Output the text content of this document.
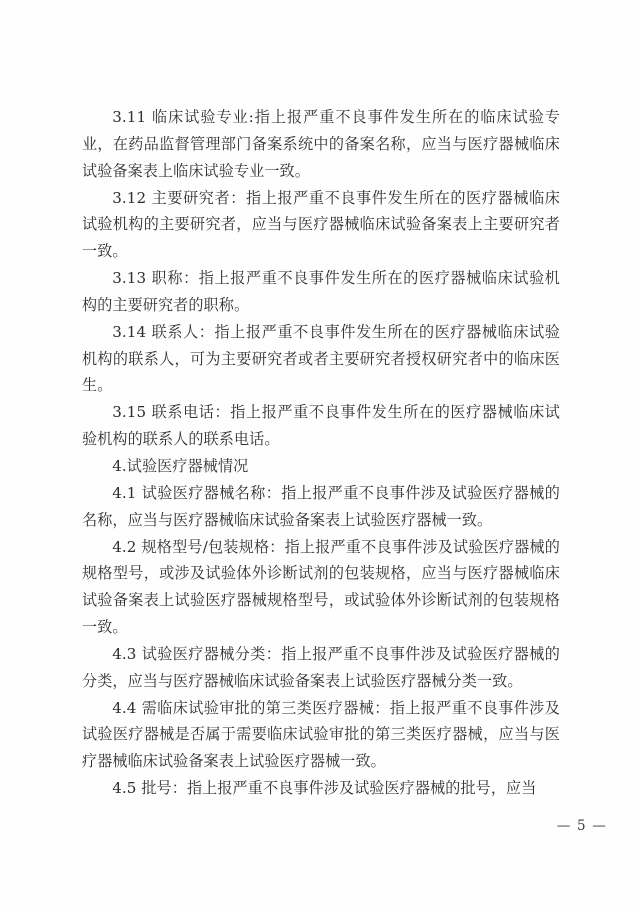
3.11 临床试验专业:指上报严重不良事件发生所在的临床试验专业，在药品监督管理部门备案系统中的备案名称，应当与医疗器械临床试验备案表上临床试验专业一致。

3.12 主要研究者：指上报严重不良事件发生所在的医疗器械临床试验机构的主要研究者，应当与医疗器械临床试验备案表上主要研究者一致。

3.13 职称：指上报严重不良事件发生所在的医疗器械临床试验机构的主要研究者的职称。

3.14 联系人：指上报严重不良事件发生所在的医疗器械临床试验机构的联系人，可为主要研究者或者主要研究者授权研究者中的临床医生。

3.15 联系电话：指上报严重不良事件发生所在的医疗器械临床试验机构的联系人的联系电话。

4.试验医疗器械情况

4.1 试验医疗器械名称：指上报严重不良事件涉及试验医疗器械的名称，应当与医疗器械临床试验备案表上试验医疗器械一致。

4.2 规格型号/包装规格：指上报严重不良事件涉及试验医疗器械的规格型号，或涉及试验体外诊断试剂的包装规格，应当与医疗器械临床试验备案表上试验医疗器械规格型号，或试验体外诊断试剂的包装规格一致。

4.3 试验医疗器械分类：指上报严重不良事件涉及试验医疗器械的分类，应当与医疗器械临床试验备案表上试验医疗器械分类一致。

4.4 需临床试验审批的第三类医疗器械：指上报严重不良事件涉及试验医疗器械是否属于需要临床试验审批的第三类医疗器械，应当与医疗器械临床试验备案表上试验医疗器械一致。

4.5 批号：指上报严重不良事件涉及试验医疗器械的批号，应当

— 5 —
